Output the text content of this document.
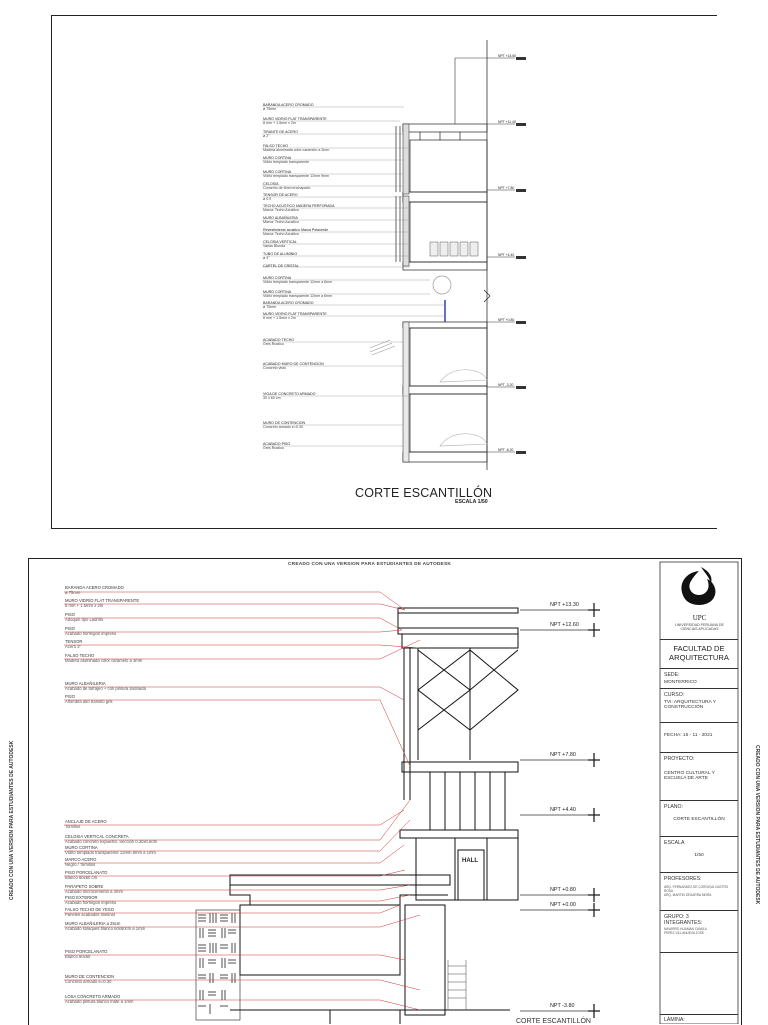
BARANDA ACERO CROMADO
ø 75mm
MURO VIDRIO FLAT TRANSPARENTE
8 mm + 1.5mm x 2m
TIRANTE DE ACERO
ø 2"
FALSO TECHO
Madera aluminada color caramelo a 3mm
MURO CORTINA
Vidrio templado transparente
MURO CORTINA
Vidrio templado transparente 12mm 9mm
CELOSIA
Concreto de 6mm enchapado
TENSOR DE ACERO
ø 0.9
TECHO ACUSTICO MADERA PERFORADA
Marca: Techo Acustico
MURO ALBAÑILERIA
Marca: Techo Acustico
Revestimiento acustico Marca Pelaverde
Marca: Techo Acustico
CELOSIA VERTICAL
Varias Blonda
TUBO DE ALUMINIO
ø 4"
CARTEL DE CRISTAL
MURO CORTINA
Vidrio templado transparente 12mm a 6mm
MURO CORTINA
Vidrio templado transparente 12mm a 6mm
BARANDA ACERO CROMADO
ø 75mm
MURO VIDRIO FLAT TRANSPARENTE
8 mm + 1.5mm x 2m
ACABADO TECHO
Gres Rustico
ACABADO MURO DE CONTENCION
Concreto visto
VIGA DE CONCRETO ARMADO
30 x 60 cm
MURO DE CONTENCION
Concreto armado e=0.30
ACABADO PISO
Gres Rustico
NPT +14.60
NPT +11.40
NPT +7.80
NPT +4.40
NPT +0.80
NPT -3.20
NPT -6.20
CORTE ESCANTILLÓN
ESCALA 1/50
BARANDA ACERO CROMADO
ø 75mm
MURO VIDRIO FLAT TRANSPARENTE
8 mm + 1.5mm x 2m
PISO
Adoquin tipo Ladrillo
PISO
Acabado hormigon impreso
TENSOR
Acero 3"
FALSO TECHO
Madera aluminada color caramelo a 3mm
MURO ALBAÑILERIA
Acabado de tarrajeo + con pintura Satinada
PISO
Alfombra alto transito gris
ANCLAJE DE ACERO
Tornillos
CELOSIA VERTICAL CONCRETA
Acabado concreto expuesto. Sección 0.30x0.60m
MURO CORTINA
Vidrio templado transparente 12mm 8mm a 1mm
MARCO ACERO
Negro / Tornillos
PISO PORCELANATO
Blanco 60x60 cm
PARAPETO SOBRE
Acabado microcemento a 4mm
PISO EXTERIOR
Acabado hormigon impreso
FALSO TECHO DE YESO
Paneles acabados tinelinal
MURO ALBAÑILERIA a 25cm
Acabado solaques blanco 60x60cm a 1mm
PISO PORCELANATO
Blanco 60x60
MURO DE CONTENCION
Concreto armado e=0.30
LOSA CONCRETO ARMADO
Acabado pintura blanco mate a 1mm
NPT +13.30
NPT +12.60
NPT +7.80
NPT +4.40
NPT +0.80
NPT +0.00
NPT -3.80
CREADO CON UNA VERSION PARA ESTUDIANTES DE AUTODESK
CREADO CON UNA VERSION PARA ESTUDIANTES DE AUTODESK	CREADO CON UNA VERSION PARA ESTUDIANTES DE AUTODESK
HALL
CORTE ESCANTILLÓN
UPC
UNIVERSIDAD PERUANA DE CIENCIAS APLICADAS
FACULTAD DE ARQUITECTURA
SEDE:
MONTERRICO
CURSO:
TVI: ARQUITECTURA Y CONSTRUCCIÓN
FECHA: 15 - 11 - 2021
PROYECTO:
CENTRO CULTURAL Y ESCUELA DE ARTE
PLANO:
CORTE ESCANTILLÓN
ESCALA
1/50
PROFESORES:
ARQ. FERNANDEZ DE CORDOVA CASTRO ROSA
ARQ. MARTIN ZEGARRA MORA
GRUPO: 3
INTEGRANTES:
NAVARRO HUAMAN CAMILA
PEREZ VILLANUEVA JOSE
LÁMINA:
